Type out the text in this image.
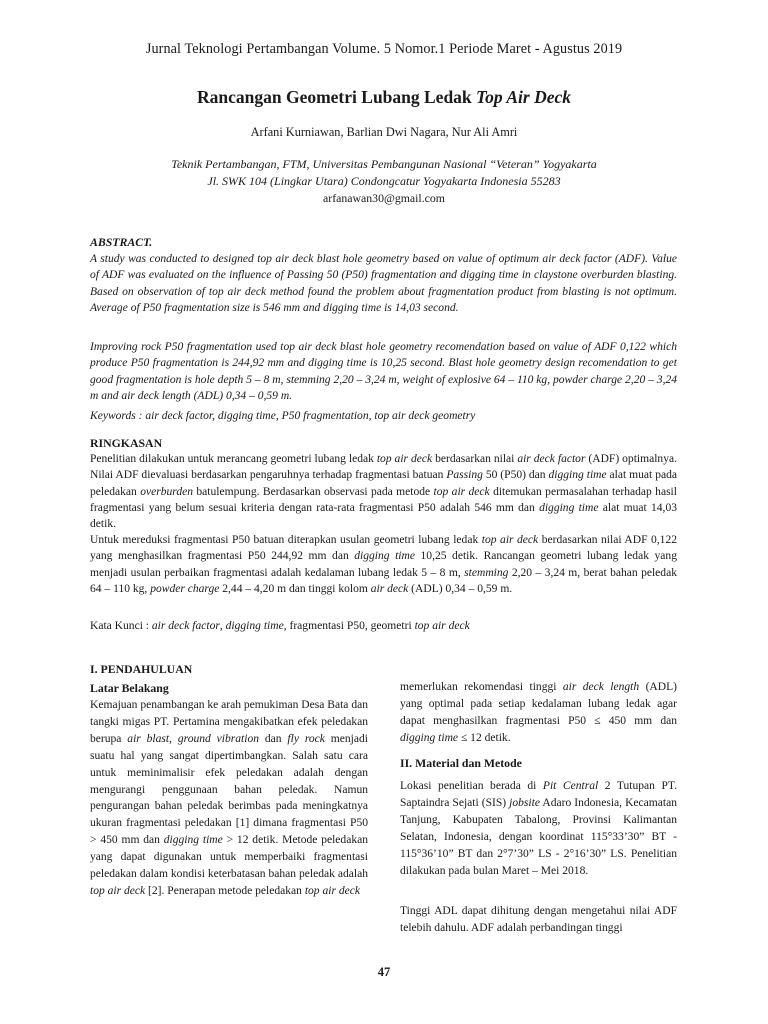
Jurnal Teknologi Pertambangan Volume. 5 Nomor.1 Periode Maret - Agustus 2019
Rancangan Geometri Lubang Ledak Top Air Deck
Arfani Kurniawan, Barlian Dwi Nagara, Nur Ali Amri
Teknik Pertambangan, FTM, Universitas Pembangunan Nasional “Veteran” Yogyakarta
Jl. SWK 104 (Lingkar Utara) Condongcatur Yogyakarta Indonesia 55283
arfanawan30@gmail.com
ABSTRACT.

A study was conducted to designed top air deck blast hole geometry based on value of optimum air deck factor (ADF). Value of ADF was evaluated on the influence of Passing 50 (P50) fragmentation and digging time in claystone overburden blasting. Based on observation of top air deck method found the problem about fragmentation product from blasting is not optimum. Average of P50 fragmentation size is 546 mm and digging time is 14,03 second.

Improving rock P50 fragmentation used top air deck blast hole geometry recomendation based on value of ADF 0,122 which produce P50 fragmentation is 244,92 mm and digging time is 10,25 second. Blast hole geometry design recomendation to get good fragmentation is hole depth 5 – 8 m, stemming 2,20 – 3,24 m, weight of explosive 64 – 110 kg, powder charge 2,20 – 3,24 m and air deck length (ADL) 0,34 – 0,59 m.

Keywords : air deck factor, digging time, P50 fragmentation, top air deck geometry

RINGKASAN

Penelitian dilakukan untuk merancang geometri lubang ledak top air deck berdasarkan nilai air deck factor (ADF) optimalnya. Nilai ADF dievaluasi berdasarkan pengaruhnya terhadap fragmentasi batuan Passing 50 (P50) dan digging time alat muat pada peledakan overburden batulempung. Berdasarkan observasi pada metode top air deck ditemukan permasalahan terhadap hasil fragmentasi yang belum sesuai kriteria dengan rata-rata fragmentasi P50 adalah 546 mm dan digging time alat muat 14,03 detik.

Untuk mereduksi fragmentasi P50 batuan diterapkan usulan geometri lubang ledak top air deck berdasarkan nilai ADF 0,122 yang menghasilkan fragmentasi P50 244,92 mm dan digging time 10,25 detik. Rancangan geometri lubang ledak yang menjadi usulan perbaikan fragmentasi adalah kedalaman lubang ledak 5 – 8 m, stemming 2,20 – 3,24 m, berat bahan peledak 64 – 110 kg, powder charge 2,44 – 4,20 m dan tinggi kolom air deck (ADL) 0,34 – 0,59 m.

Kata Kunci : air deck factor, digging time, fragmentasi P50, geometri top air deck

I. PENDAHULUAN
Latar Belakang

Kemajuan penambangan ke arah pemukiman Desa Bata dan tangki migas PT. Pertamina mengakibatkan efek peledakan berupa air blast, ground vibration dan fly rock menjadi suatu hal yang sangat dipertimbangkan. Salah satu cara untuk meminimalisir efek peledakan adalah dengan mengurangi penggunaan bahan peledak. Namun pengurangan bahan peledak berimbas pada meningkatnya ukuran fragmentasi peledakan [1] dimana fragmentasi P50 > 450 mm dan digging time > 12 detik. Metode peledakan yang dapat digunakan untuk memperbaiki fragmentasi peledakan dalam kondisi keterbatasan bahan peledak adalah top air deck [2]. Penerapan metode peledakan top air deck

memerlukan rekomendasi tinggi air deck length (ADL) yang optimal pada setiap kedalaman lubang ledak agar dapat menghasilkan fragmentasi P50 ≤ 450 mm dan digging time ≤ 12 detik.

II. Material dan Metode

Lokasi penelitian berada di Pit Central 2 Tutupan PT. Saptaindra Sejati (SIS) jobsite Adaro Indonesia, Kecamatan Tanjung, Kabupaten Tabalong, Provinsi Kalimantan Selatan, Indonesia, dengan koordinat 115°33’30” BT - 115°36’10” BT dan 2°7’30” LS - 2°16’30” LS. Penelitian dilakukan pada bulan Maret – Mei 2018.

Tinggi ADL dapat dihitung dengan mengetahui nilai ADF telebih dahulu. ADF adalah perbandingan tinggi

47
